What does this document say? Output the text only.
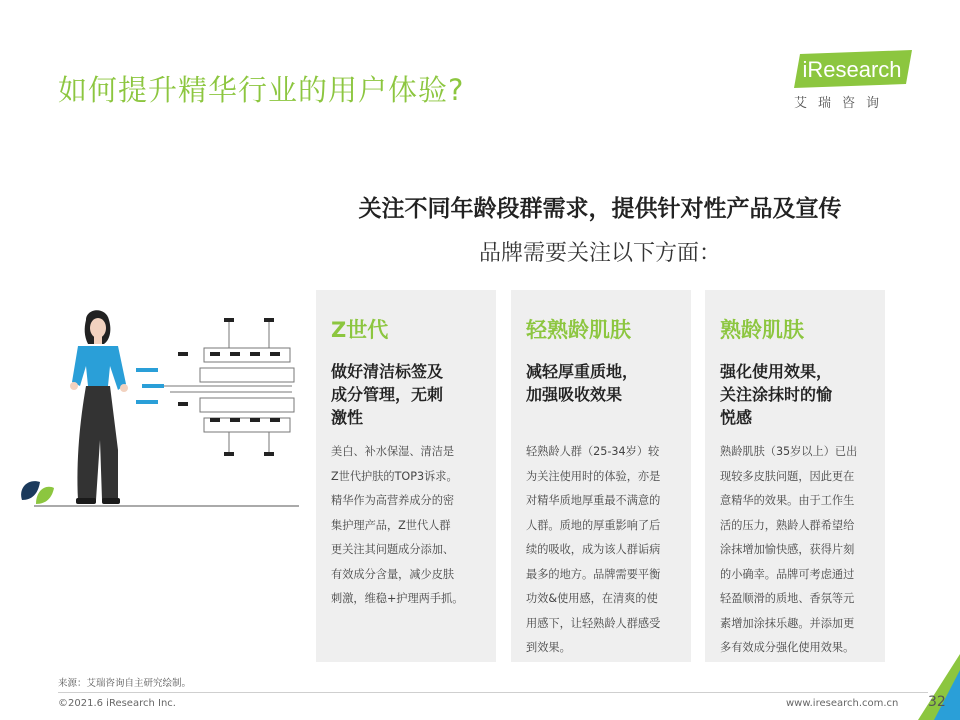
如何提升精华行业的用户体验?
iResearch
艾瑞咨询
关注不同年龄段群需求，提供针对性产品及宣传
品牌需要关注以下方面：
Z世代
做好清洁标签及
成分管理，无刺
激性
美白、补水保湿、清洁是
Z世代护肤的TOP3诉求。
精华作为高营养成分的密
集护理产品，Z世代人群
更关注其问题成分添加、
有效成分含量，减少皮肤
刺激，维稳+护理两手抓。
轻熟龄肌肤
减轻厚重质地，
加强吸收效果
轻熟龄人群（25-34岁）较
为关注使用时的体验，亦是
对精华质地厚重最不满意的
人群。质地的厚重影响了后
续的吸收，成为该人群诟病
最多的地方。品牌需要平衡
功效&使用感，在清爽的使
用感下，让轻熟龄人群感受
到效果。
熟龄肌肤
强化使用效果，
关注涂抹时的愉
悦感
熟龄肌肤（35岁以上）已出
现较多皮肤问题，因此更在
意精华的效果。由于工作生
活的压力，熟龄人群希望给
涂抹增加愉快感，获得片刻
的小确幸。品牌可考虑通过
轻盈顺滑的质地、香氛等元
素增加涂抹乐趣。并添加更
多有效成分强化使用效果。
来源：艾瑞咨询自主研究绘制。
©2021.6 iResearch Inc.	www.iresearch.com.cn 32
